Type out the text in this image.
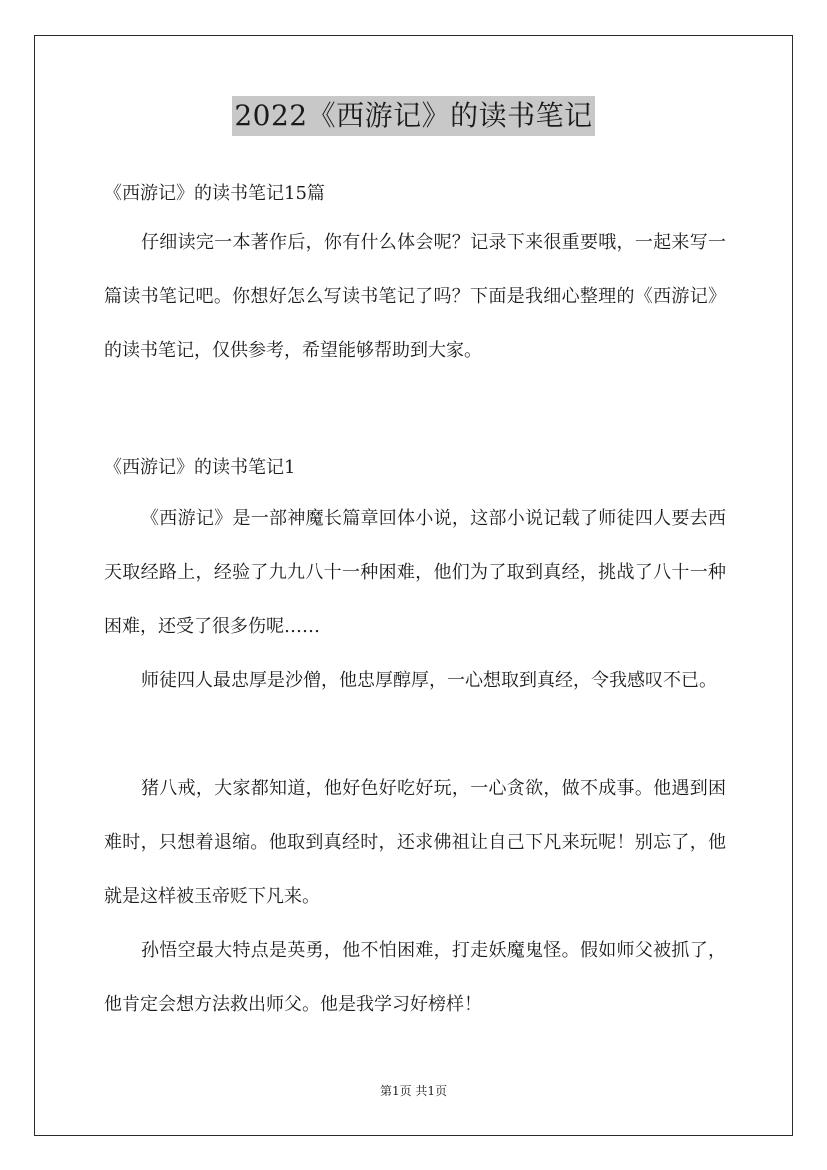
2022《西游记》的读书笔记
《西游记》的读书笔记15篇

仔细读完一本著作后，你有什么体会呢？记录下来很重要哦，一起来写一篇读书笔记吧。你想好怎么写读书笔记了吗？下面是我细心整理的《西游记》的读书笔记，仅供参考，希望能够帮助到大家。

《西游记》的读书笔记1

《西游记》是一部神魔长篇章回体小说，这部小说记载了师徒四人要去西天取经路上，经验了九九八十一种困难，他们为了取到真经，挑战了八十一种困难，还受了很多伤呢……

师徒四人最忠厚是沙僧，他忠厚醇厚，一心想取到真经，令我感叹不已。

猪八戒，大家都知道，他好色好吃好玩，一心贪欲，做不成事。他遇到困难时，只想着退缩。他取到真经时，还求佛祖让自己下凡来玩呢！别忘了，他就是这样被玉帝贬下凡来。

孙悟空最大特点是英勇，他不怕困难，打走妖魔鬼怪。假如师父被抓了，他肯定会想方法救出师父。他是我学习好榜样！

第1页 共1页
